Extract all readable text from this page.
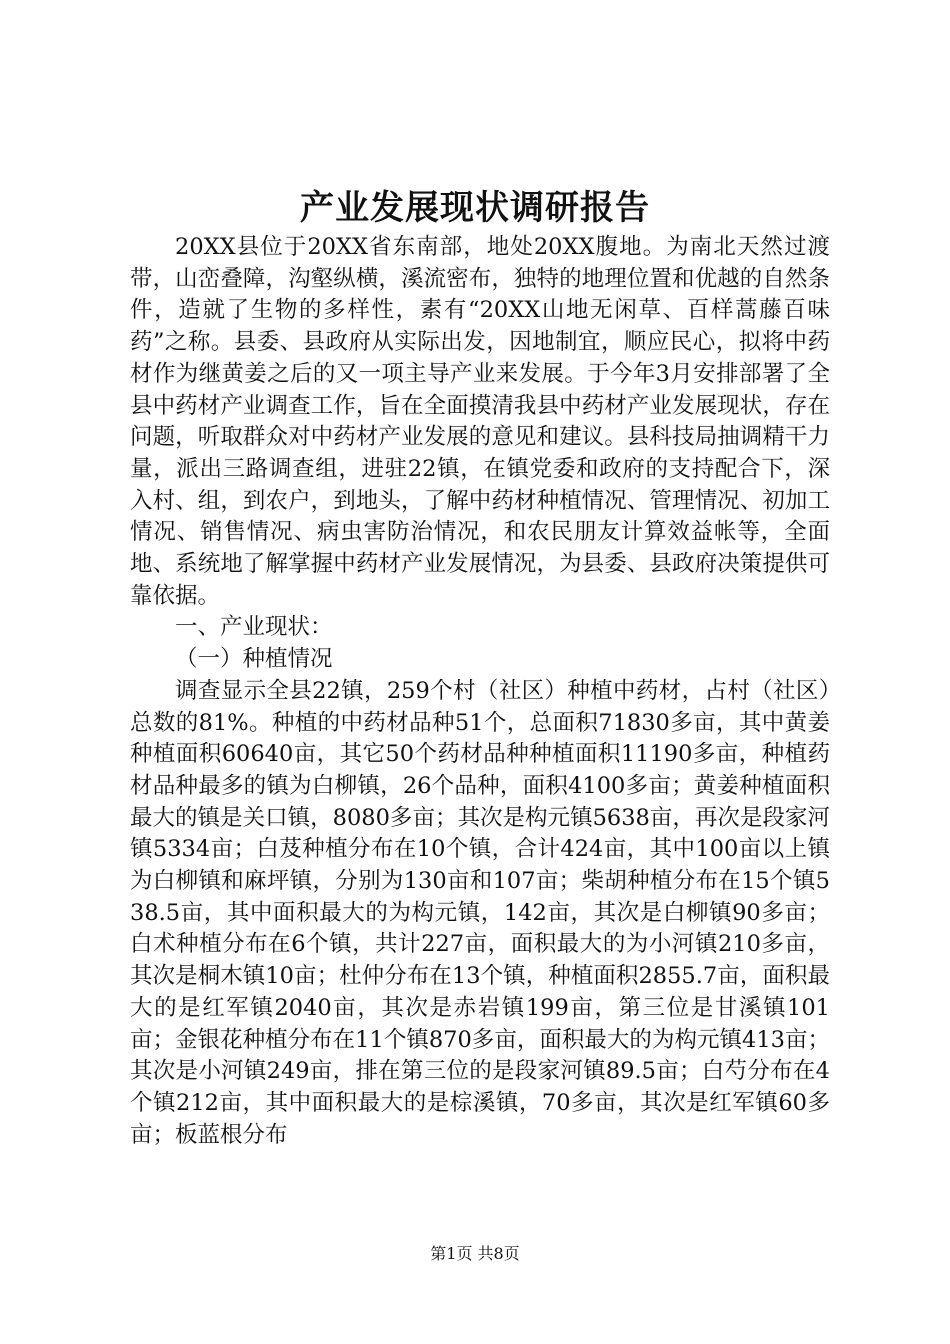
产业发展现状调研报告

20XX县位于20XX省东南部，地处20XX腹地。为南北天然过渡带，山峦叠障，沟壑纵横，溪流密布，独特的地理位置和优越的自然条件，造就了生物的多样性，素有“20XX山地无闲草、百样蒿藤百味药”之称。县委、县政府从实际出发，因地制宜，顺应民心，拟将中药材作为继黄姜之后的又一项主导产业来发展。于今年3月安排部署了全县中药材产业调查工作，旨在全面摸清我县中药材产业发展现状，存在问题，听取群众对中药材产业发展的意见和建议。县科技局抽调精干力量，派出三路调查组，进驻22镇，在镇党委和政府的支持配合下，深入村、组，到农户，到地头，了解中药材种植情况、管理情况、初加工情况、销售情况、病虫害防治情况，和农民朋友计算效益帐等，全面地、系统地了解掌握中药材产业发展情况，为县委、县政府决策提供可靠依据。

一、产业现状：

（一）种植情况

调查显示全县22镇，259个村（社区）种植中药材，占村（社区）总数的81%。种植的中药材品种51个，总面积71830多亩，其中黄姜种植面积60640亩，其它50个药材品种种植面积11190多亩，种植药材品种最多的镇为白柳镇，26个品种，面积4100多亩；黄姜种植面积最大的镇是关口镇，8080多亩；其次是构元镇5638亩，再次是段家河镇5334亩；白芨种植分布在10个镇，合计424亩，其中100亩以上镇为白柳镇和麻坪镇，分别为130亩和107亩；柴胡种植分布在15个镇538.5亩，其中面积最大的为构元镇，142亩，其次是白柳镇90多亩；白术种植分布在6个镇，共计227亩，面积最大的为小河镇210多亩，其次是桐木镇10亩；杜仲分布在13个镇，种植面积2855.7亩，面积最大的是红军镇2040亩，其次是赤岩镇199亩，第三位是甘溪镇101亩；金银花种植分布在11个镇870多亩，面积最大的为构元镇413亩；其次是小河镇249亩，排在第三位的是段家河镇89.5亩；白芍分布在4个镇212亩，其中面积最大的是棕溪镇，70多亩，其次是红军镇60多亩；板蓝根分布

第1页 共8页
